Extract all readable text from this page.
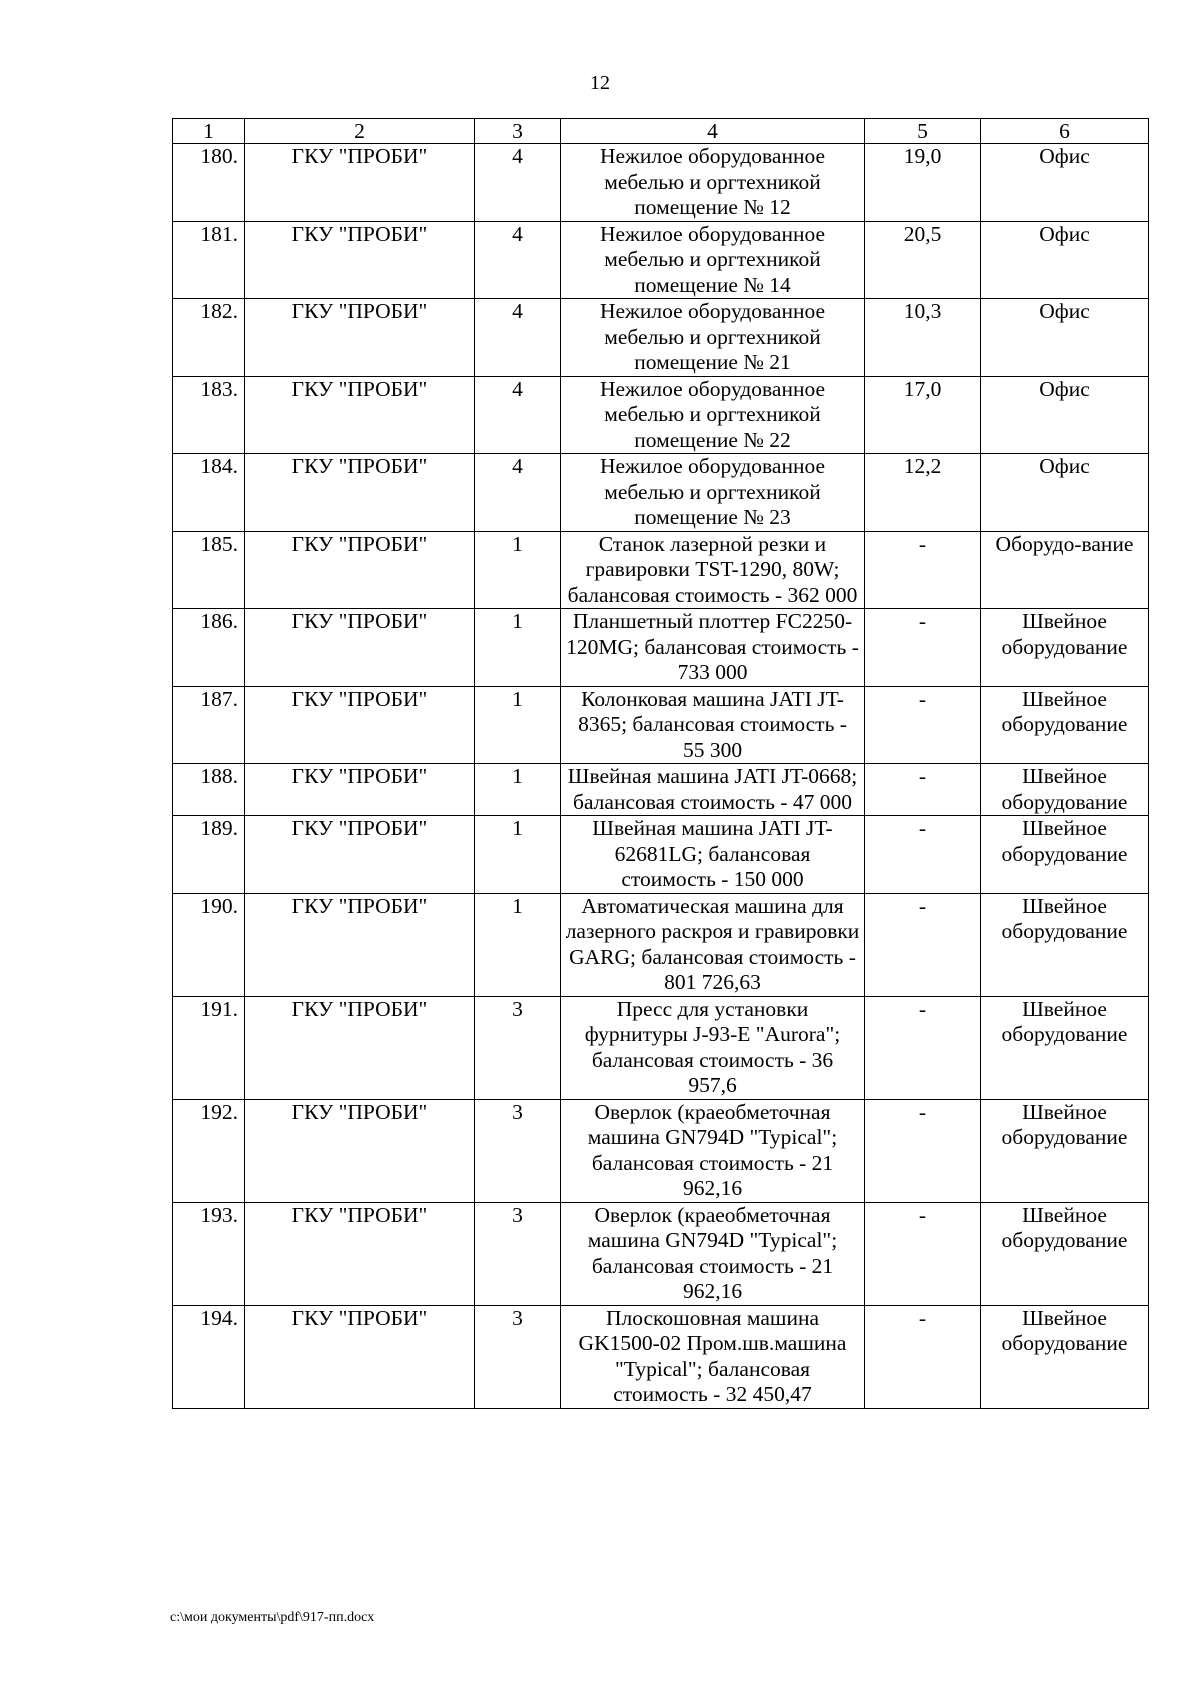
12
1	2	3	4	5	6
180.	ГКУ "ПРОБИ"	4	Нежилое оборудованное мебелью и оргтехникой помещение № 12	19,0	Офис
181.	ГКУ "ПРОБИ"	4	Нежилое оборудованное мебелью и оргтехникой помещение № 14	20,5	Офис
182.	ГКУ "ПРОБИ"	4	Нежилое оборудованное мебелью и оргтехникой помещение № 21	10,3	Офис
183.	ГКУ "ПРОБИ"	4	Нежилое оборудованное мебелью и оргтехникой помещение № 22	17,0	Офис
184.	ГКУ "ПРОБИ"	4	Нежилое оборудованное мебелью и оргтехникой помещение № 23	12,2	Офис
185.	ГКУ "ПРОБИ"	1	Станок лазерной резки и гравировки TST-1290, 80W; балансовая стоимость - 362 000	-	Оборудо-вание
186.	ГКУ "ПРОБИ"	1	Планшетный плоттер FC2250-120MG; балансовая стоимость - 733 000	-	Швейное оборудование
187.	ГКУ "ПРОБИ"	1	Колонковая машина JATI JT-8365; балансовая стоимость - 55 300	-	Швейное оборудование
188.	ГКУ "ПРОБИ"	1	Швейная машина JATI JT-0668; балансовая стоимость - 47 000	-	Швейное оборудование
189.	ГКУ "ПРОБИ"	1	Швейная машина JATI JT-62681LG; балансовая стоимость - 150 000	-	Швейное оборудование
190.	ГКУ "ПРОБИ"	1	Автоматическая машина для лазерного раскроя и гравировки GARG; балансовая стоимость - 801 726,63	-	Швейное оборудование
191.	ГКУ "ПРОБИ"	3	Пресс для установки фурнитуры J-93-E "Aurora"; балансовая стоимость - 36 957,6	-	Швейное оборудование
192.	ГКУ "ПРОБИ"	3	Оверлок (краеобметочная машина GN794D "Typical"; балансовая стоимость - 21 962,16	-	Швейное оборудование
193.	ГКУ "ПРОБИ"	3	Оверлок (краеобметочная машина GN794D "Typical"; балансовая стоимость - 21 962,16	-	Швейное оборудование
194.	ГКУ "ПРОБИ"	3	Плоскошовная машина GK1500-02 Пром.шв.машина "Typical"; балансовая стоимость - 32 450,47	-	Швейное оборудование
c:\мои документы\pdf\917-пп.docx
